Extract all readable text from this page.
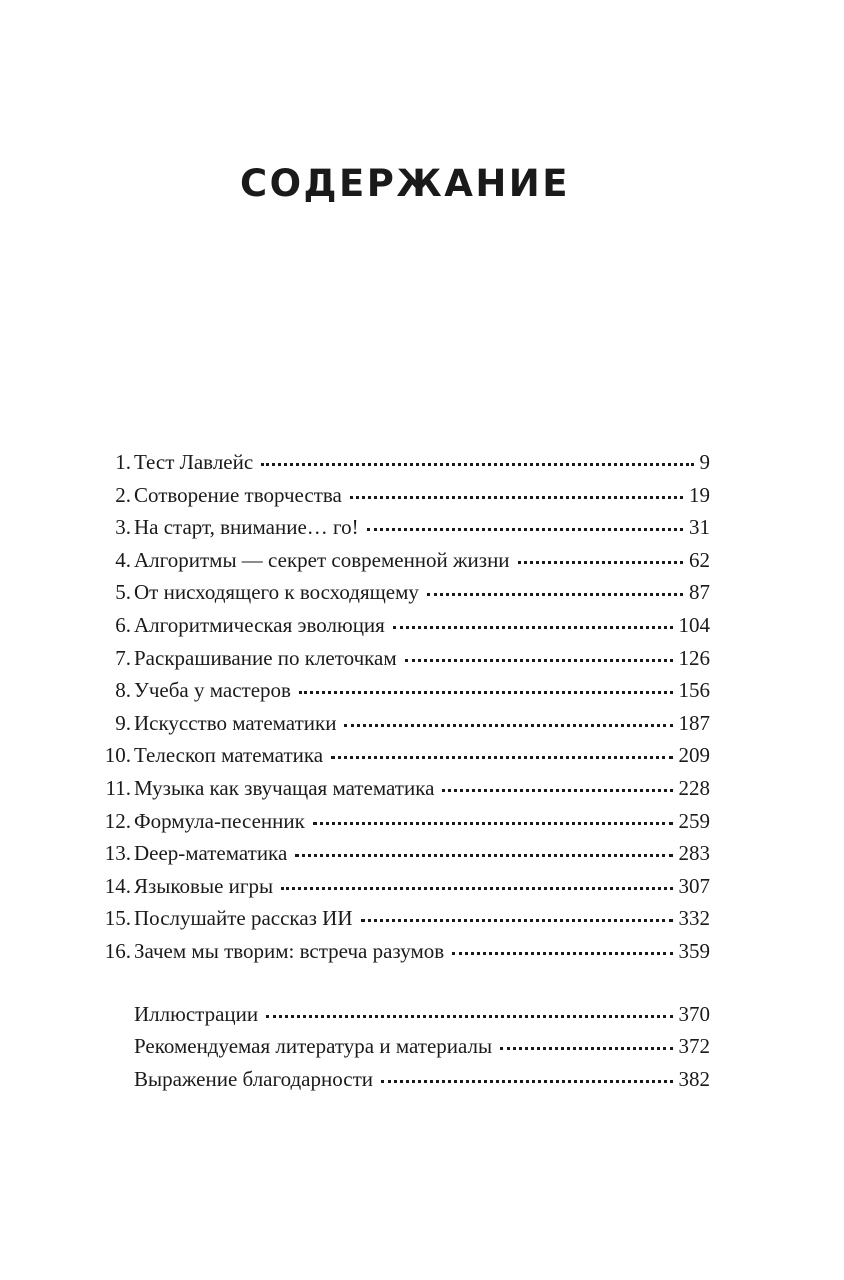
СОДЕРЖАНИЕ
1. Тест Лавлейс	9
2. Сотворение творчества	19
3. На старт, внимание… го!	31
4. Алгоритмы — секрет современной жизни	62
5. От нисходящего к восходящему	87
6. Алгоритмическая эволюция	104
7. Раскрашивание по клеточкам	126
8. Учеба у мастеров	156
9. Искусство математики	187
10. Телескоп математика	209
11. Музыка как звучащая математика	228
12. Формула-песенник	259
13. Deep-математика	283
14. Языковые игры	307
15. Послушайте рассказ ИИ	332
16. Зачем мы творим: встреча разумов	359
Иллюстрации	370
Рекомендуемая литература и материалы	372
Выражение благодарности	382
